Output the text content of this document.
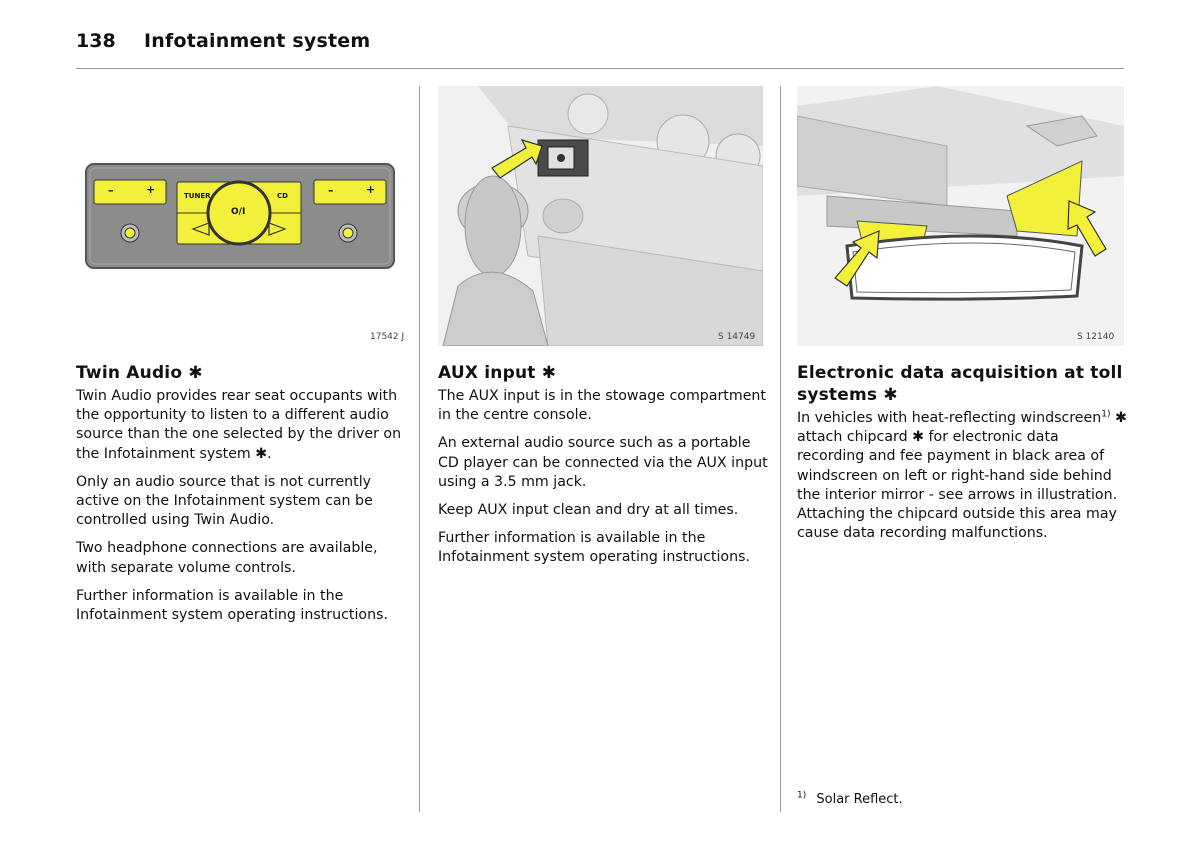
138 Infotainment system
–	+	–	+
TUNER	CD
O/I
17542 J	S 14749	S 12140
Twin Audio ✱

Twin Audio provides rear seat occupants with the opportunity to listen to a different audio source than the one selected by the driver on the Infotainment system ✱.

Only an audio source that is not currently active on the Infotainment system can be controlled using Twin Audio.

Two headphone connections are available, with separate volume controls.

Further information is available in the Infotainment system operating instructions.

AUX input ✱

The AUX input is in the stowage compartment in the centre console.

An external audio source such as a portable CD player can be connected via the AUX input using a 3.5 mm jack.

Keep AUX input clean and dry at all times.

Further information is available in the Infotainment system operating instructions.

Electronic data acquisition at toll systems ✱

In vehicles with heat-reflecting windscreen$^{1)}$ ✱ attach chipcard ✱ for electronic data recording and fee payment in black area of windscreen on left or right-hand side behind the interior mirror - see arrows in illustration. Attaching the chipcard outside this area may cause data recording malfunctions.

$^{1)}$ Solar Reflect.
